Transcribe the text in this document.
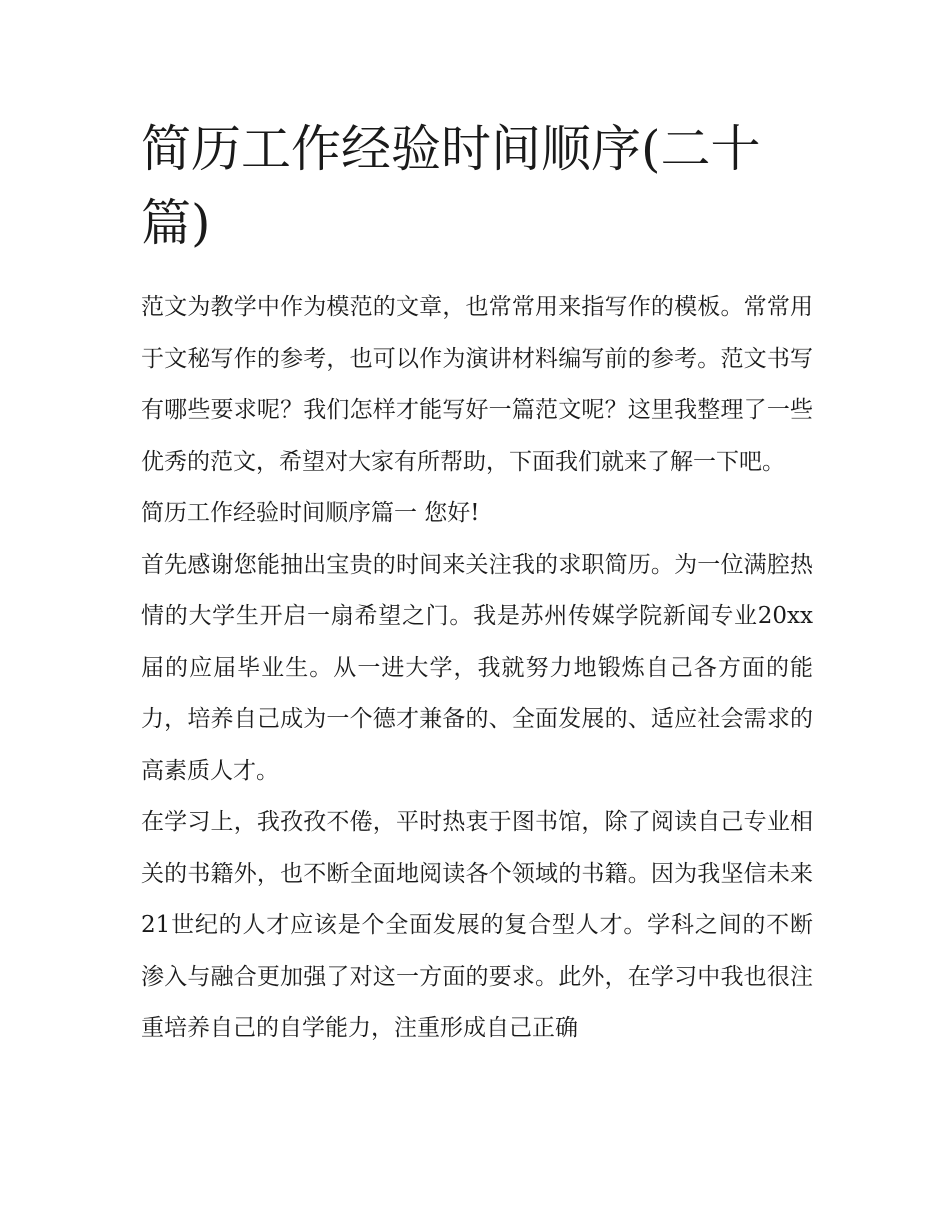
简历工作经验时间顺序(二十篇)

范文为教学中作为模范的文章，也常常用来指写作的模板。常常用于文秘写作的参考，也可以作为演讲材料编写前的参考。范文书写有哪些要求呢？我们怎样才能写好一篇范文呢？这里我整理了一些优秀的范文，希望对大家有所帮助，下面我们就来了解一下吧。

简历工作经验时间顺序篇一 您好!

首先感谢您能抽出宝贵的时间来关注我的求职简历。为一位满腔热情的大学生开启一扇希望之门。我是苏州传媒学院新闻专业20xx届的应届毕业生。从一进大学，我就努力地锻炼自己各方面的能力，培养自己成为一个德才兼备的、全面发展的、适应社会需求的高素质人才。

在学习上，我孜孜不倦，平时热衷于图书馆，除了阅读自己专业相关的书籍外，也不断全面地阅读各个领域的书籍。因为我坚信未来21世纪的人才应该是个全面发展的复合型人才。学科之间的不断渗入与融合更加强了对这一方面的要求。此外，在学习中我也很注重培养自己的自学能力，注重形成自己正确
